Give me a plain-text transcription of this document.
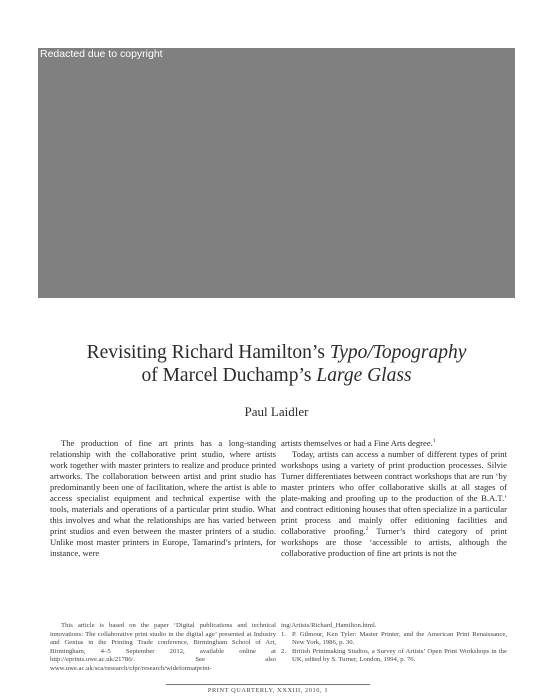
Redacted due to copyright
Revisiting Richard Hamilton’s Typo/Topography
of Marcel Duchamp’s Large Glass
Paul Laidler

The production of fine art prints has a long-standing relationship with the collaborative print studio, where artists work together with master printers to realize and produce printed artworks. The collaboration between artist and print studio has predominantly been one of facilitation, where the artist is able to access specialist equipment and technical expertise with the tools, materials and operations of a particular print studio. What this involves and what the relationships are has varied between print studios and even between the master printers of a studio. Unlike most master printers in Europe, Tamarind’s printers, for instance, were

artists themselves or had a Fine Arts degree.$^1$

Today, artists can access a number of different types of print workshops using a variety of print production processes. Silvie Turner differentiates between contract workshops that are run ‘by master printers who offer collaborative skills at all stages of plate-making and proofing up to the production of the B.A.T.’ and contract editioning houses that often specialize in a particular print process and mainly offer editioning facilities and collaborative proofing.$^2$ Turner’s third category of print workshops are those ‘accessible to artists, although the collaborative production of fine art prints is not the

This article is based on the paper ‘Digital publications and technical innovations: The collaborative print studio in the digital age’ presented at Industry and Genius in the Printing Trade conference, Birmingham School of Art, Birmingham, 4–5 September 2012, available online at http://eprints.uwe.ac.uk/21786/. See also www.uwe.ac.uk/sca/research/cfpr/research/wideformatprint-
ing/Artists/Richard_Hamilton.html.
1. P. Gilmour, Ken Tyler: Master Printer, and the American Print Renaissance, New York, 1986, p. 30.
2. British Printmaking Studios, a Survey of Artists’ Open Print Workshops in the UK, edited by S. Turner, London, 1994, p. 76.
PRINT QUARTERLY, XXXIII, 2016, 1
